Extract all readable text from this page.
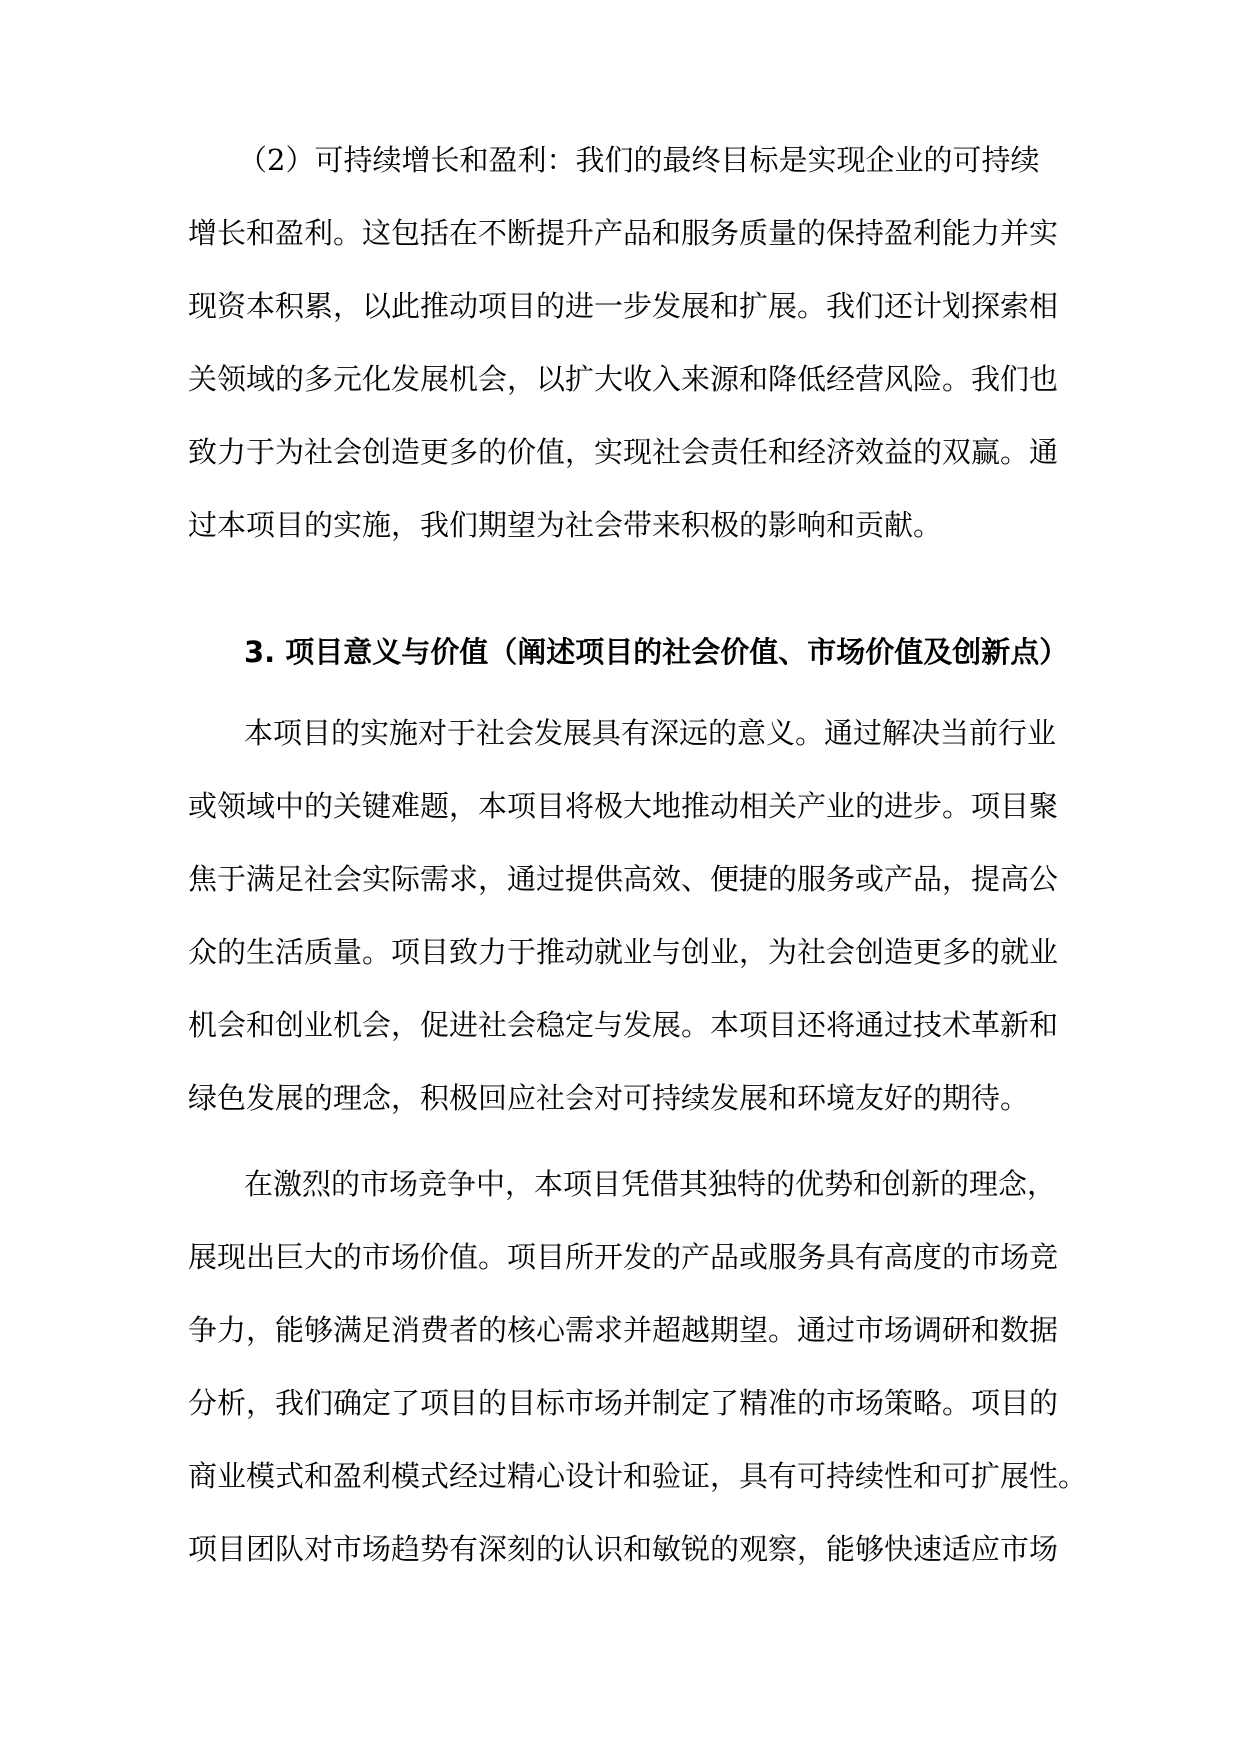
（2）可持续增长和盈利：我们的最终目标是实现企业的可持续
增长和盈利。这包括在不断提升产品和服务质量的保持盈利能力并实
现资本积累，以此推动项目的进一步发展和扩展。我们还计划探索相
关领域的多元化发展机会，以扩大收入来源和降低经营风险。我们也
致力于为社会创造更多的价值，实现社会责任和经济效益的双赢。通
过本项目的实施，我们期望为社会带来积极的影响和贡献。
3. 项目意义与价值（阐述项目的社会价值、市场价值及创新点）
本项目的实施对于社会发展具有深远的意义。通过解决当前行业
或领域中的关键难题，本项目将极大地推动相关产业的进步。项目聚
焦于满足社会实际需求，通过提供高效、便捷的服务或产品，提高公
众的生活质量。项目致力于推动就业与创业，为社会创造更多的就业
机会和创业机会，促进社会稳定与发展。本项目还将通过技术革新和
绿色发展的理念，积极回应社会对可持续发展和环境友好的期待。
在激烈的市场竞争中，本项目凭借其独特的优势和创新的理念，
展现出巨大的市场价值。项目所开发的产品或服务具有高度的市场竞
争力，能够满足消费者的核心需求并超越期望。通过市场调研和数据
分析，我们确定了项目的目标市场并制定了精准的市场策略。项目的
商业模式和盈利模式经过精心设计和验证，具有可持续性和可扩展性。
项目团队对市场趋势有深刻的认识和敏锐的观察，能够快速适应市场
